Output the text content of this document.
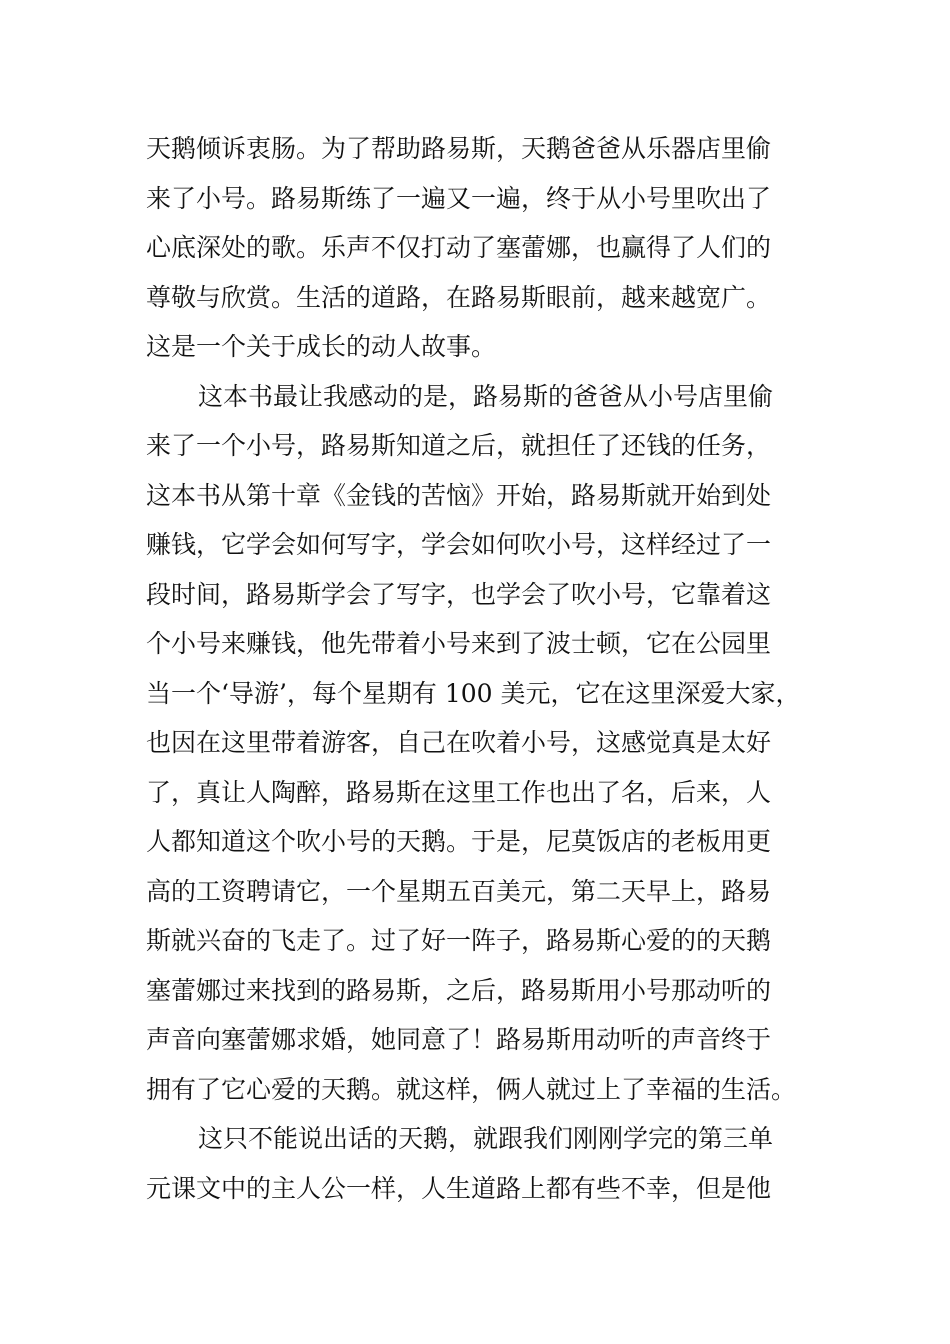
天鹅倾诉衷肠。为了帮助路易斯，天鹅爸爸从乐器店里偷
来了小号。路易斯练了一遍又一遍，终于从小号里吹出了
心底深处的歌。乐声不仅打动了塞蕾娜，也赢得了人们的
尊敬与欣赏。生活的道路，在路易斯眼前，越来越宽广。
这是一个关于成长的动人故事。
这本书最让我感动的是，路易斯的爸爸从小号店里偷
来了一个小号，路易斯知道之后，就担任了还钱的任务，
这本书从第十章《金钱的苦恼》开始，路易斯就开始到处
赚钱，它学会如何写字，学会如何吹小号，这样经过了一
段时间，路易斯学会了写字，也学会了吹小号，它靠着这
个小号来赚钱，他先带着小号来到了波士顿，它在公园里
当一个‘导游’，每个星期有 100 美元，它在这里深爱大家，
也因在这里带着游客，自己在吹着小号，这感觉真是太好
了，真让人陶醉，路易斯在这里工作也出了名，后来，人
人都知道这个吹小号的天鹅。于是，尼莫饭店的老板用更
高的工资聘请它，一个星期五百美元，第二天早上，路易
斯就兴奋的飞走了。过了好一阵子，路易斯心爱的的天鹅
塞蕾娜过来找到的路易斯，之后，路易斯用小号那动听的
声音向塞蕾娜求婚，她同意了！路易斯用动听的声音终于
拥有了它心爱的天鹅。就这样，俩人就过上了幸福的生活。
这只不能说出话的天鹅，就跟我们刚刚学完的第三单
元课文中的主人公一样，人生道路上都有些不幸，但是他
